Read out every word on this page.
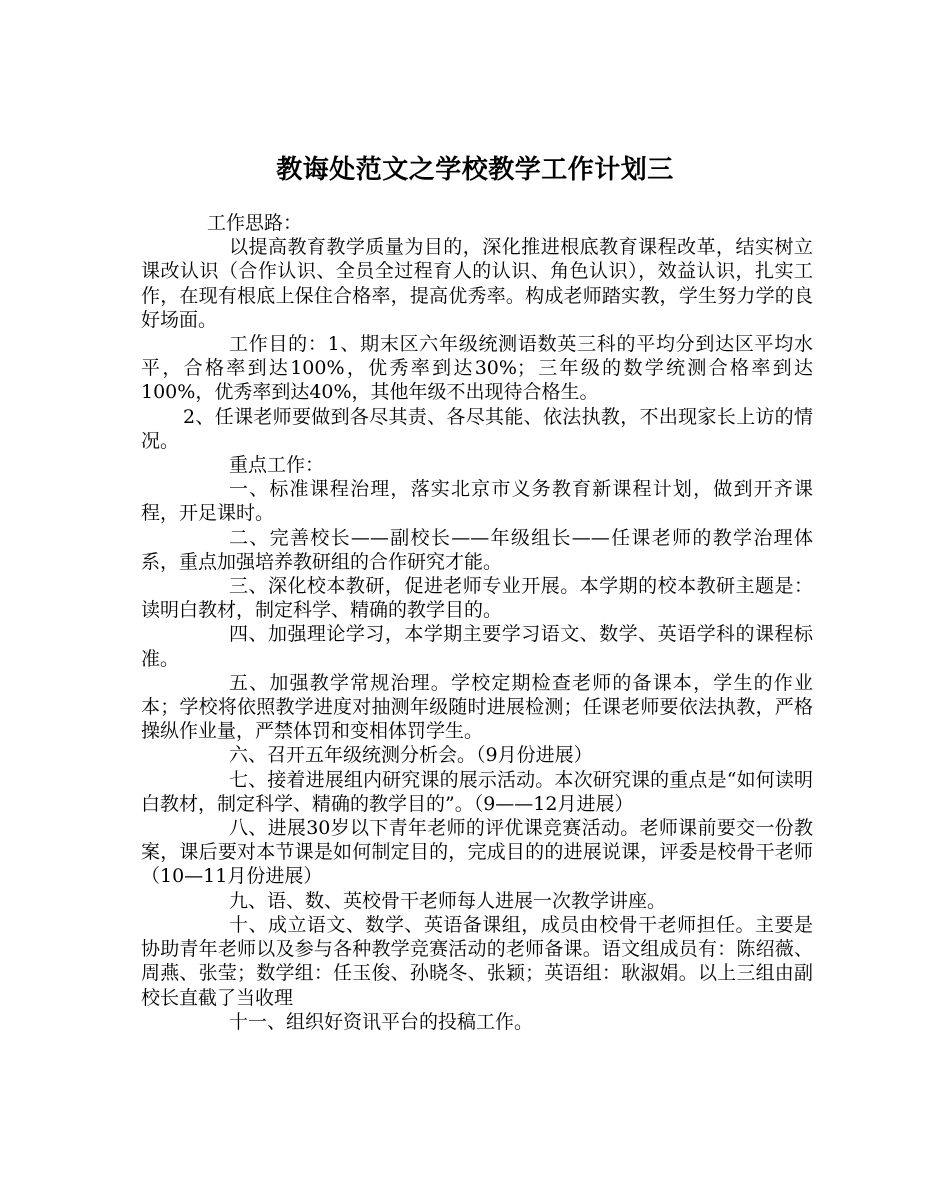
教诲处范文之学校教学工作计划三

工作思路：

以提高教育教学质量为目的，深化推进根底教育课程改革，结实树立课改认识（合作认识、全员全过程育人的认识、角色认识），效益认识，扎实工作，在现有根底上保住合格率，提高优秀率。构成老师踏实教，学生努力学的良好场面。

工作目的：1、期末区六年级统测语数英三科的平均分到达区平均水平，合格率到达100%，优秀率到达30%；三年级的数学统测合格率到达100%，优秀率到达40%，其他年级不出现待合格生。

2、任课老师要做到各尽其责、各尽其能、依法执教，不出现家长上访的情况。

重点工作：

一、标准课程治理，落实北京市义务教育新课程计划，做到开齐课程，开足课时。

二、完善校长——副校长——年级组长——任课老师的教学治理体系，重点加强培养教研组的合作研究才能。

三、深化校本教研，促进老师专业开展。本学期的校本教研主题是：读明白教材，制定科学、精确的教学目的。

四、加强理论学习，本学期主要学习语文、数学、英语学科的课程标准。

五、加强教学常规治理。学校定期检查老师的备课本，学生的作业本；学校将依照教学进度对抽测年级随时进展检测；任课老师要依法执教，严格操纵作业量，严禁体罚和变相体罚学生。

六、召开五年级统测分析会。（9月份进展）

七、接着进展组内研究课的展示活动。本次研究课的重点是“如何读明白教材，制定科学、精确的教学目的”。（9——12月进展）

八、进展30岁以下青年老师的评优课竞赛活动。老师课前要交一份教案，课后要对本节课是如何制定目的，完成目的的进展说课，评委是校骨干老师（10—11月份进展）

九、语、数、英校骨干老师每人进展一次教学讲座。

十、成立语文、数学、英语备课组，成员由校骨干老师担任。主要是协助青年老师以及参与各种教学竞赛活动的老师备课。语文组成员有：陈绍薇、周燕、张莹；数学组：任玉俊、孙晓冬、张颖；英语组：耿淑娟。以上三组由副校长直截了当收理

十一、组织好资讯平台的投稿工作。
